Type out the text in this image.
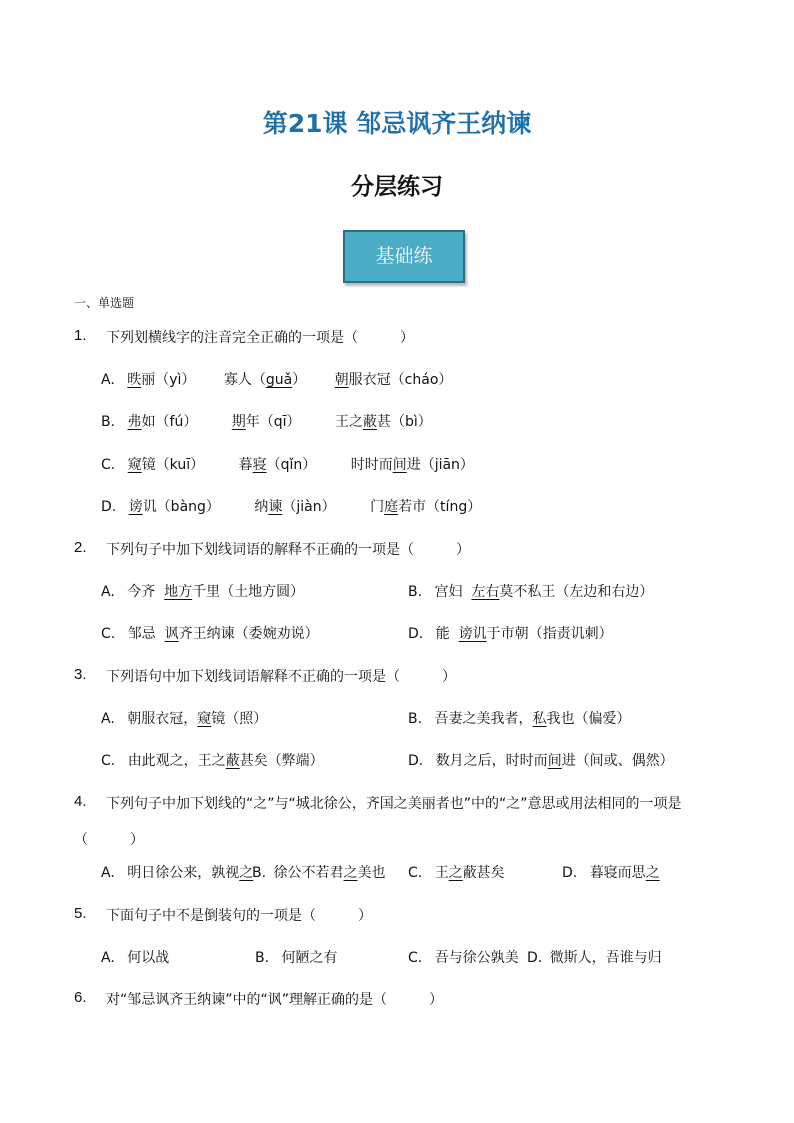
第21课 邹忌讽齐王纳谏
分层练习
基础练
一、单选题
1. 下列划横线字的注音完全正确的一项是（　　　）
A. 昳丽（yì） 寡人（guǎ） 朝服衣冠（cháo）
B. 弗如（fú） 期年（qī） 王之蔽甚（bì）
C. 窥镜（kuī） 暮寝（qǐn） 时时而间进（jiān）
D. 谤讥（bàng） 纳谏（jiàn） 门庭若市（tíng）
2. 下列句子中加下划线词语的解释不正确的一项是（　　　）
A. 今齐  地方千里（土地方圆）	B. 宫妇  左右莫不私王（左边和右边）
C. 邹忌  讽齐王纳谏（委婉劝说）	D. 能  谤讥于市朝（指责讥刺）
3. 下列语句中加下划线词语解释不正确的一项是（　　　）
A. 朝服衣冠，窥镜（照）	B. 吾妻之美我者，私我也（偏爱）
C. 由此观之，王之蔽甚矣（弊端）	D. 数月之后，时时而间进（间或、偶然）
4. 下列句子中加下划线的“之”与“城北徐公，齐国之美丽者也”中的“之”意思或用法相同的一项是
（　　　）
A. 明日徐公来，孰视之
B. 徐公不若君之美也 C. 王之蔽甚矣	D. 暮寝而思之
5. 下面句子中不是倒装句的一项是（　　　）
A. 何以战	B. 何陋之有	C. 吾与徐公孰美 D. 微斯人，吾谁与归
6. 对“邹忌讽齐王纳谏”中的“讽”理解正确的是（　　　）
